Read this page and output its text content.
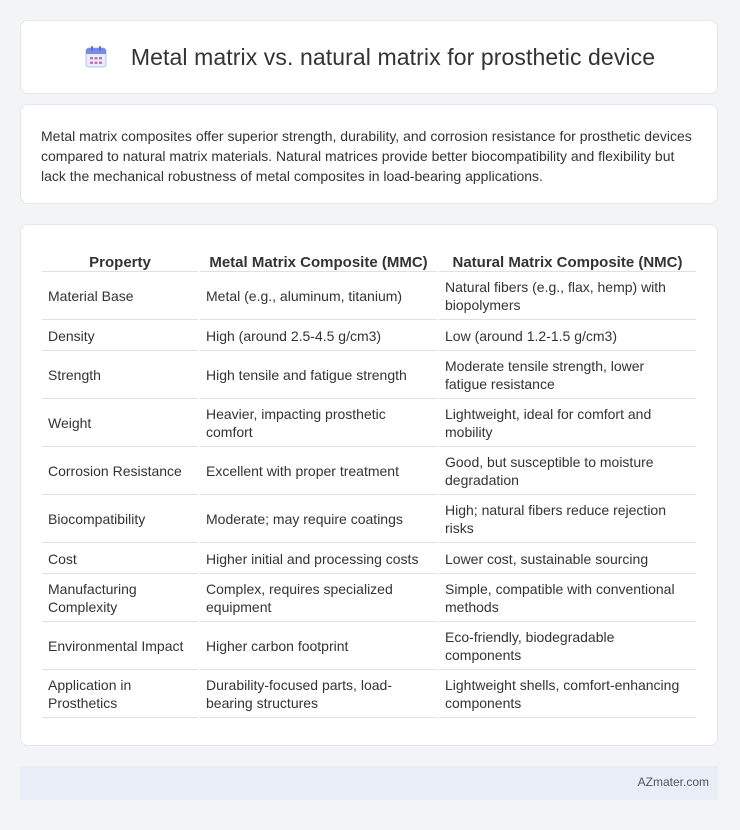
Metal matrix vs. natural matrix for prosthetic device

Metal matrix composites offer superior strength, durability, and corrosion resistance for prosthetic devices compared to natural matrix materials. Natural matrices provide better biocompatibility and flexibility but lack the mechanical robustness of metal composites in load-bearing applications.

Property	Metal Matrix Composite (MMC)	Natural Matrix Composite (NMC)
Material Base	Metal (e.g., aluminum, titanium)	Natural fibers (e.g., flax, hemp) with biopolymers
Density	High (around 2.5-4.5 g/cm3)	Low (around 1.2-1.5 g/cm3)
Strength	High tensile and fatigue strength	Moderate tensile strength, lower fatigue resistance
Weight	Heavier, impacting prosthetic comfort	Lightweight, ideal for comfort and mobility
Corrosion Resistance	Excellent with proper treatment	Good, but susceptible to moisture degradation
Biocompatibility	Moderate; may require coatings	High; natural fibers reduce rejection risks
Cost	Higher initial and processing costs	Lower cost, sustainable sourcing
Manufacturing Complexity	Complex, requires specialized equipment	Simple, compatible with conventional methods
Environmental Impact	Higher carbon footprint	Eco-friendly, biodegradable components
Application in Prosthetics	Durability-focused parts, load-bearing structures	Lightweight shells, comfort-enhancing components
AZmater.com
